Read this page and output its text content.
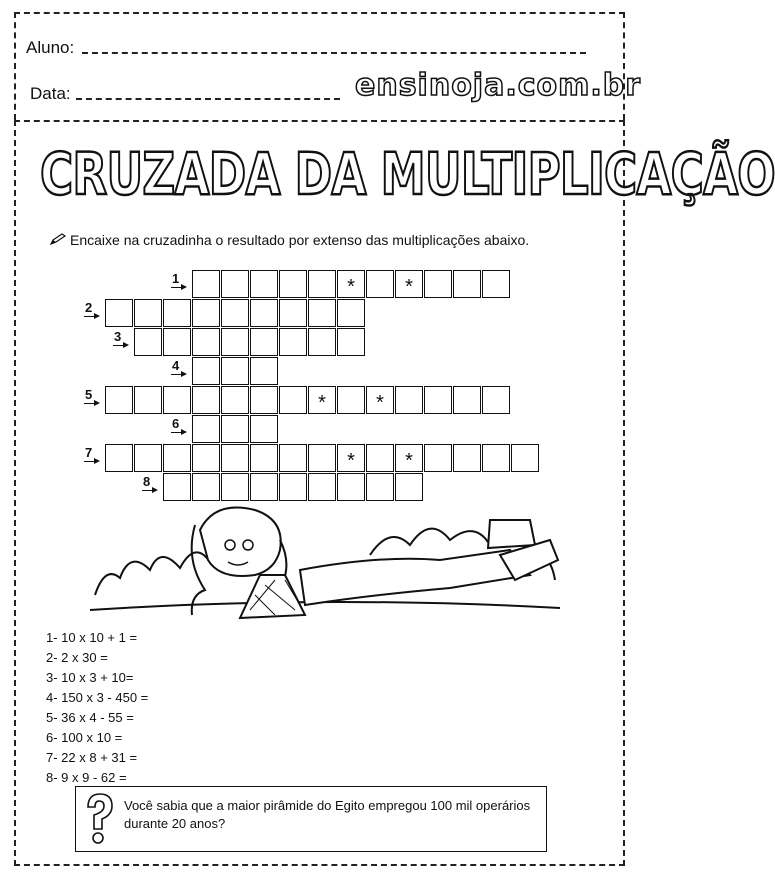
Aluno:
Data:	ensinoja.com.br
CRUZADA DA MULTIPLICAÇÃO
Encaixe na cruzadinha o resultado por extenso das multiplicações abaixo.
*	*
1
2
3
4
*	*
5
6
*	*
7
8
1- 10 x 10 + 1 =
2- 2 x 30 =
3- 10 x 3 + 10=
4- 150 x 3 - 450 =
5- 36 x 4 - 55 =
6- 100 x 10 =
7- 22 x 8 + 31 =
8- 9 x 9 - 62 =
Você sabia que a maior pirâmide do Egito empregou 100 mil operários durante 20 anos?
